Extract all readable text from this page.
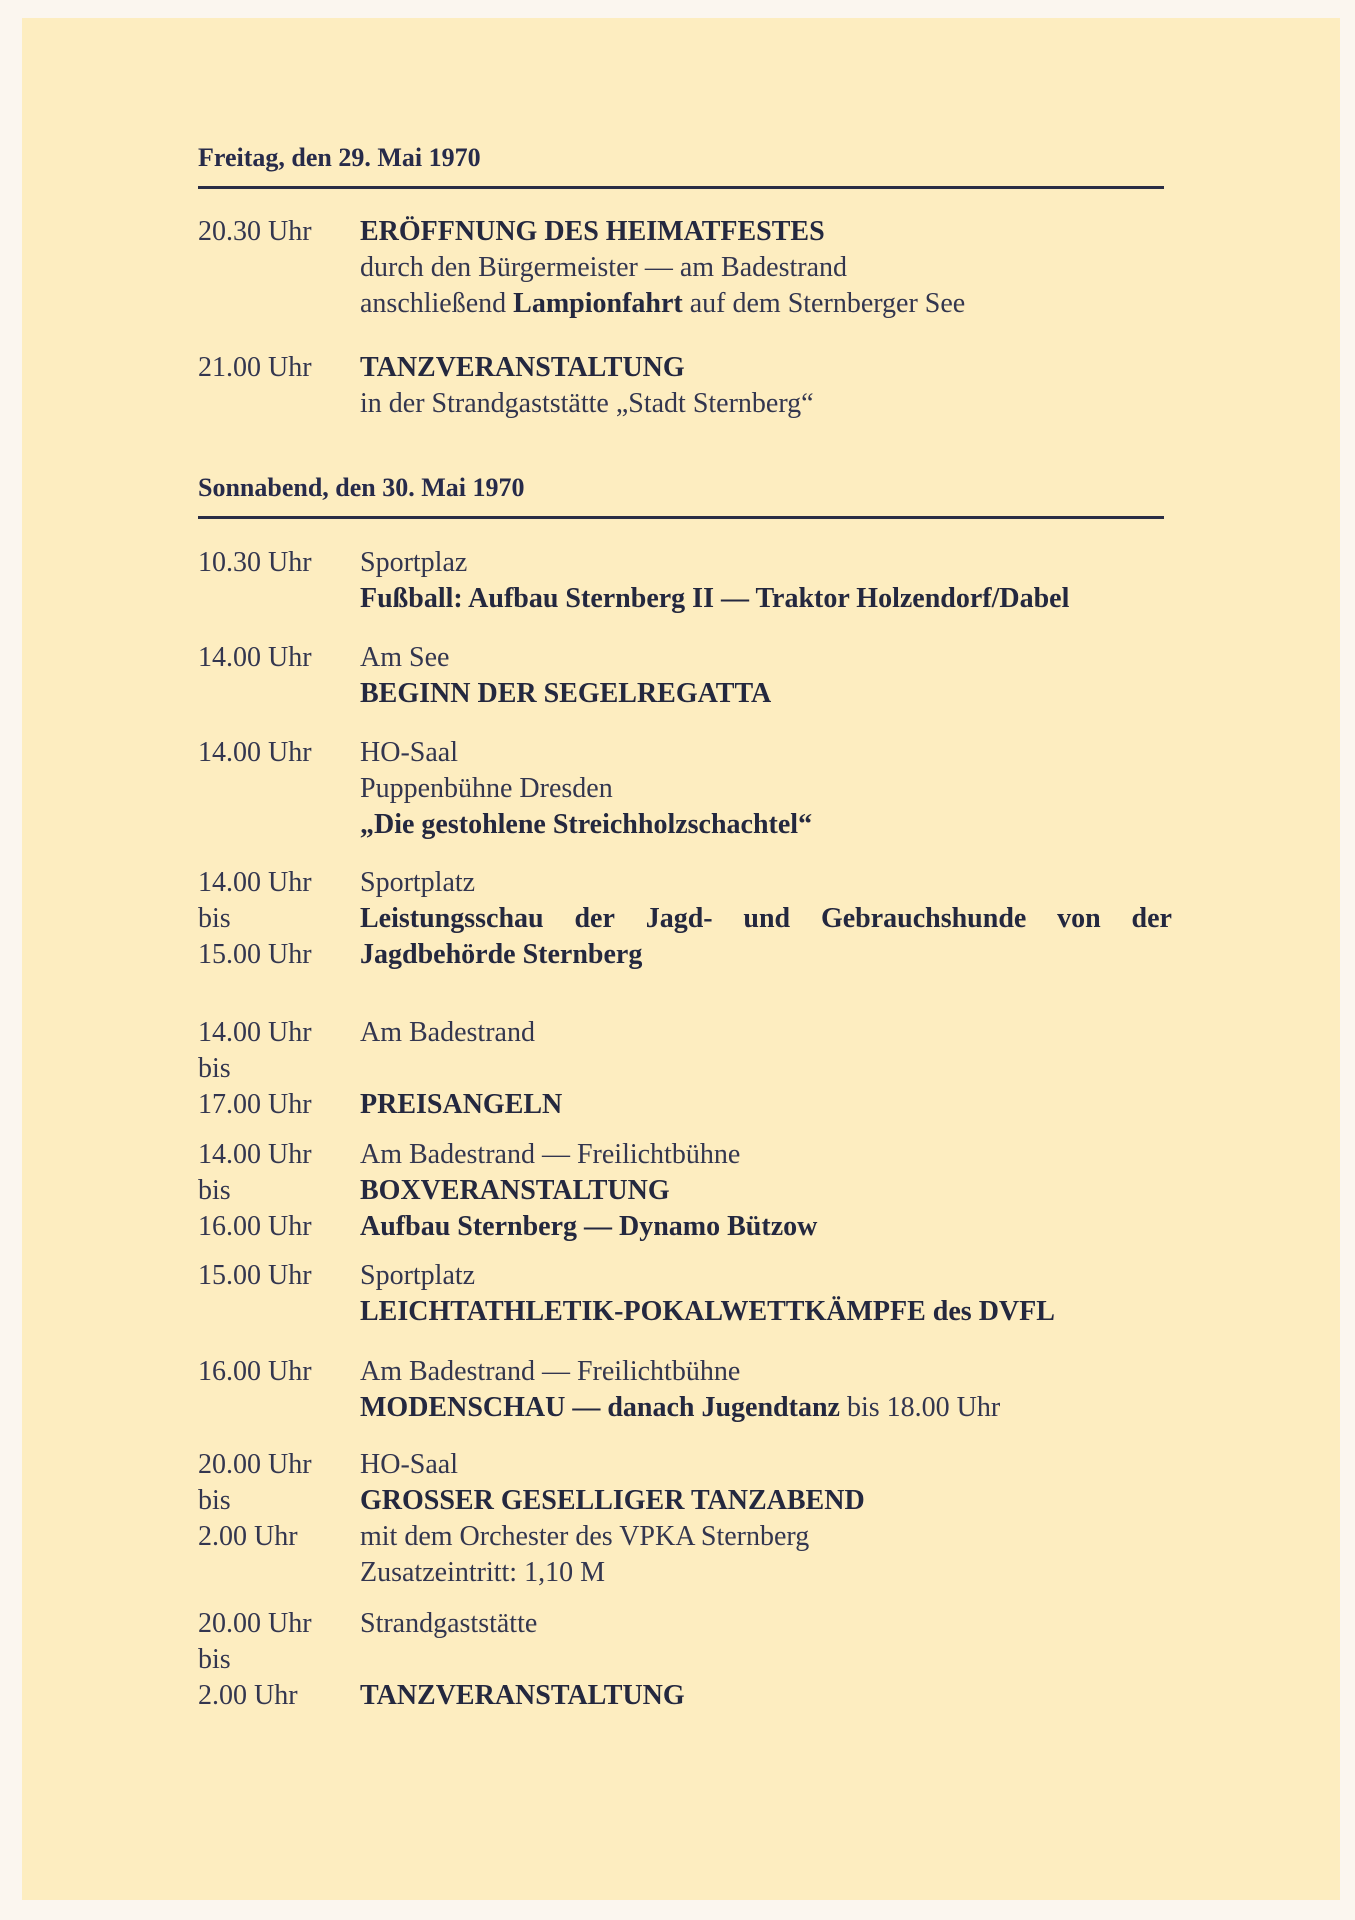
Freitag, den 29. Mai 1970
Sonnabend, den 30. Mai 1970
20.30 Uhr ERÖFFNUNG DES HEIMATFESTES
durch den Bürgermeister — am Badestrand
anschließend Lampionfahrt auf dem Sternberger See
21.00 Uhr TANZVERANSTALTUNG
in der Strandgaststätte „Stadt Sternberg“
10.30 Uhr Sportplaz
Fußball: Aufbau Sternberg II — Traktor Holzendorf/Dabel
14.00 Uhr Am See
BEGINN DER SEGELREGATTA
14.00 Uhr HO-Saal
Puppenbühne Dresden
„Die gestohlene Streichholzschachtel“
14.00 Uhr Sportplatz
bis	Leistungsschau der Jagd- und Gebrauchshunde von der
15.00 Uhr Jagdbehörde Sternberg
14.00 Uhr Am Badestrand
bis
17.00 Uhr PREISANGELN
14.00 Uhr Am Badestrand — Freilichtbühne
bis	BOXVERANSTALTUNG
16.00 Uhr Aufbau Sternberg — Dynamo Bützow
15.00 Uhr Sportplatz
LEICHTATHLETIK-POKALWETTKÄMPFE des DVFL
16.00 Uhr Am Badestrand — Freilichtbühne
MODENSCHAU — danach Jugendtanz bis 18.00 Uhr
20.00 Uhr HO-Saal
bis	GROSSER GESELLIGER TANZABEND
2.00 Uhr mit dem Orchester des VPKA Sternberg
Zusatzeintritt: 1,10 M
20.00 Uhr Strandgaststätte
bis
2.00 Uhr TANZVERANSTALTUNG
